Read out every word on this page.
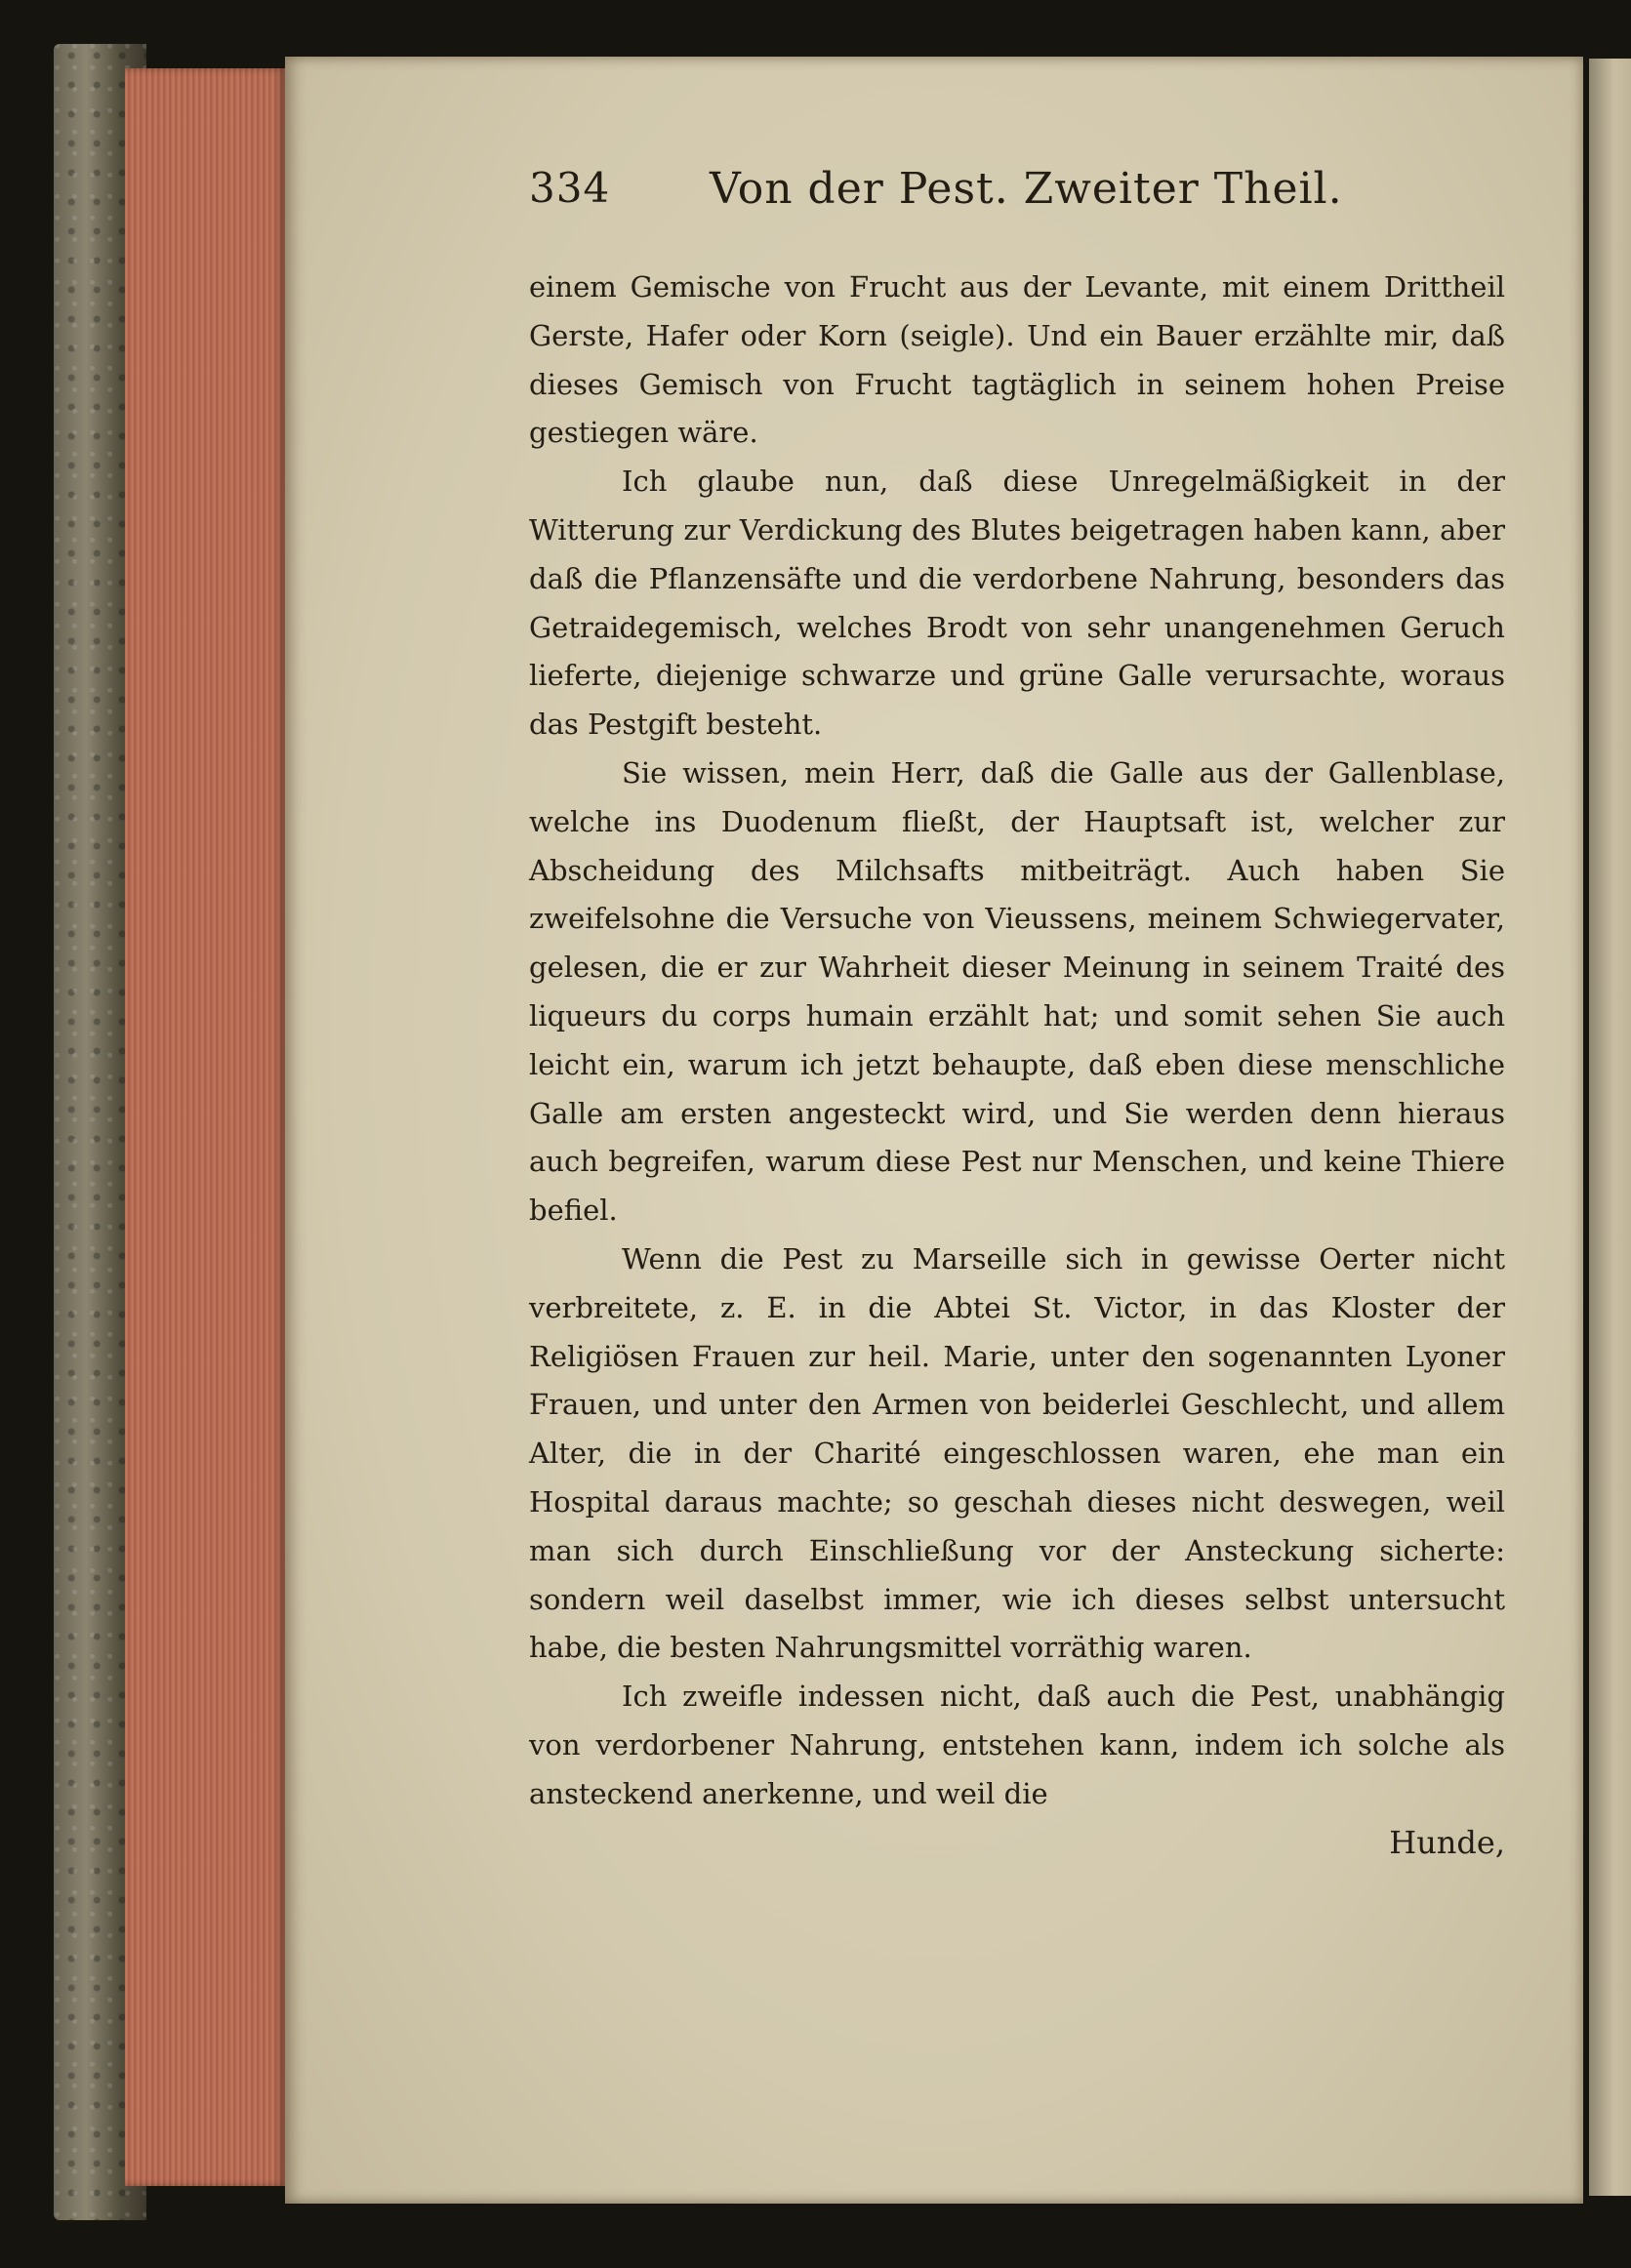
334 Von der Pest. Zweiter Theil.

einem Gemische von Frucht aus der Levante, mit einem Drittheil Gerste, Hafer oder Korn (seigle). Und ein Bauer erzählte mir, daß dieses Gemisch von Frucht tagtäglich in seinem hohen Preise gestiegen wäre.

Ich glaube nun, daß diese Unregelmäßigkeit in der Witterung zur Verdickung des Blutes beigetragen haben kann, aber daß die Pflanzensäfte und die verdorbene Nahrung, besonders das Getraidegemisch, welches Brodt von sehr unangenehmen Geruch lieferte, diejenige schwarze und grüne Galle verursachte, woraus das Pestgift besteht.

Sie wissen, mein Herr, daß die Galle aus der Gallenblase, welche ins Duodenum fließt, der Hauptsaft ist, welcher zur Abscheidung des Milchsafts mitbeiträgt. Auch haben Sie zweifelsohne die Versuche von Vieussens, meinem Schwiegervater, gelesen, die er zur Wahrheit dieser Meinung in seinem Traité des liqueurs du corps humain erzählt hat; und somit sehen Sie auch leicht ein, warum ich jetzt behaupte, daß eben diese menschliche Galle am ersten angesteckt wird, und Sie werden denn hieraus auch begreifen, warum diese Pest nur Menschen, und keine Thiere befiel.

Wenn die Pest zu Marseille sich in gewisse Oerter nicht verbreitete, z. E. in die Abtei St. Victor, in das Kloster der Religiösen Frauen zur heil. Marie, unter den sogenannten Lyoner Frauen, und unter den Armen von beiderlei Geschlecht, und allem Alter, die in der Charité eingeschlossen waren, ehe man ein Hospital daraus machte; so geschah dieses nicht deswegen, weil man sich durch Einschließung vor der Ansteckung sicherte: sondern weil daselbst immer, wie ich dieses selbst untersucht habe, die besten Nahrungsmittel vorräthig waren.

Ich zweifle indessen nicht, daß auch die Pest, unabhängig von verdorbener Nahrung, entstehen kann, indem ich solche als ansteckend anerkenne, und weil die

Hunde,
